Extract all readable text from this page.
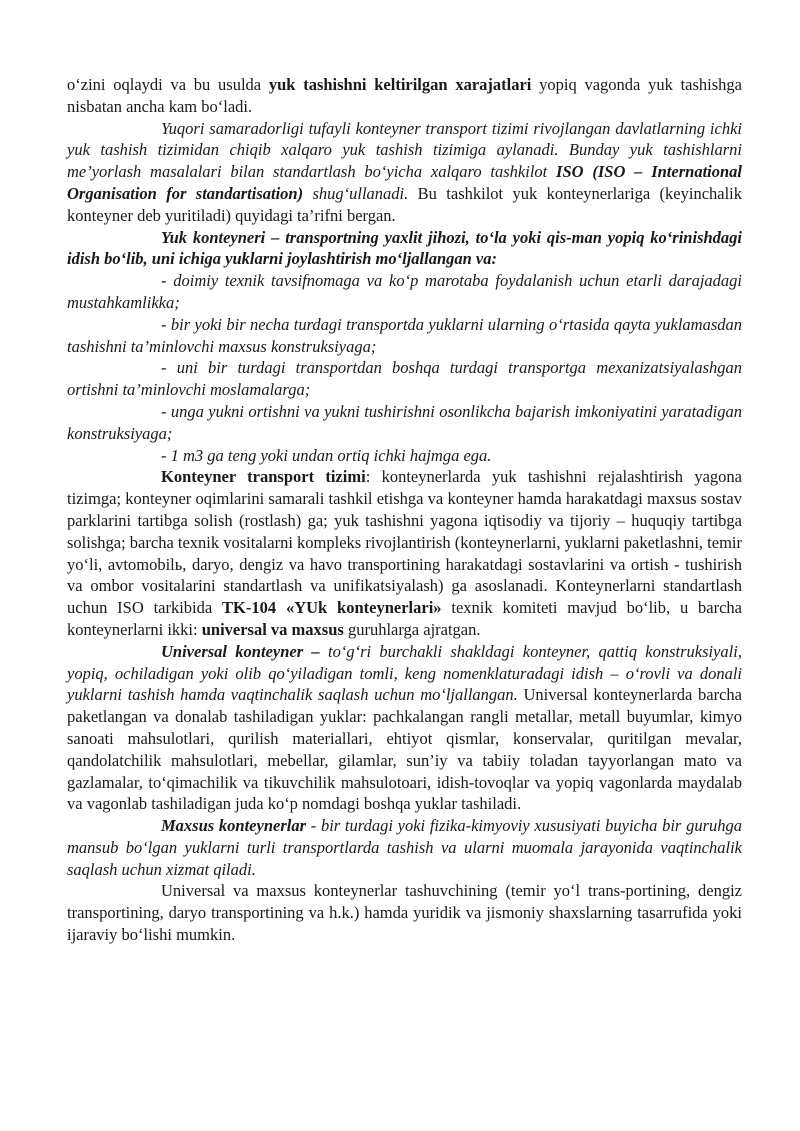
o‘zini oqlaydi va bu usulda yuk tashishni keltirilgan xarajatlari yopiq vagonda yuk tashishga nisbatan ancha kam bo‘ladi.

Yuqori samaradorligi tufayli konteyner transport tizimi rivojlangan davlatlarning ichki yuk tashish tizimidan chiqib xalqaro yuk tashish tizimiga aylanadi. Bunday yuk tashishlarni me’yorlash masalalari bilan standartlash bo‘yicha xalqaro tashkilot ISO (ISO – International Organisation for standartisation) shug‘ullanadi. Bu tashkilot yuk konteynerlariga (keyinchalik konteyner deb yuritiladi) quyidagi ta’rifni bergan.

Yuk konteyneri – transportning yaxlit jihozi, to‘la yoki qis-man yopiq ko‘rinishdagi idish bo‘lib, uni ichiga yuklarni joylashtirish mo‘ljallangan va:

- doimiy texnik tavsifnomaga va ko‘p marotaba foydalanish uchun etarli darajadagi mustahkamlikka;

- bir yoki bir necha turdagi transportda yuklarni ularning o‘rtasida qayta yuklamasdan tashishni ta’minlovchi maxsus konstruksiyaga;

- uni bir turdagi transportdan boshqa turdagi transportga mexanizatsiyalashgan ortishni ta’minlovchi moslamalarga;

- unga yukni ortishni va yukni tushirishni osonlikcha bajarish imkoniyatini yaratadigan konstruksiyaga;

- 1 m3 ga teng yoki undan ortiq ichki hajmga ega.

Konteyner transport tizimi: konteynerlarda yuk tashishni rejalashtirish yagona tizimga; konteyner oqimlarini samarali tashkil etishga va konteyner hamda harakatdagi maxsus sostav parklarini tartibga solish (rostlash) ga; yuk tashishni yagona iqtisodiy va tijoriy – huquqiy tartibga solishga; barcha texnik vositalarni kompleks rivojlantirish (konteynerlarni, yuklarni paketlashni, temir yo‘li, avtomobilь, daryo, dengiz va havo transportining harakatdagi sostavlarini va ortish - tushirish va ombor vositalarini standartlash va unifikatsiyalash) ga asoslanadi. Konteynerlarni standartlash uchun ISO tarkibida TK-104 «YUk konteynerlari» texnik komiteti mavjud bo‘lib, u barcha konteynerlarni ikki: universal va maxsus guruhlarga ajratgan.

Universal konteyner – to‘g‘ri burchakli shakldagi konteyner, qattiq konstruksiyali, yopiq, ochiladigan yoki olib qo‘yiladigan tomli, keng nomenklaturadagi idish – o‘rovli va donali yuklarni tashish hamda vaqtinchalik saqlash uchun mo‘ljallangan. Universal konteynerlarda barcha paketlangan va donalab tashiladigan yuklar: pachkalangan rangli metallar, metall buyumlar, kimyo sanoati mahsulotlari, qurilish materiallari, ehtiyot qismlar, konservalar, quritilgan mevalar, qandolatchilik mahsulotlari, mebellar, gilamlar, sun’iy va tabiiy toladan tayyorlangan mato va gazlamalar, to‘qimachilik va tikuvchilik mahsulotoari, idish-tovoqlar va yopiq vagonlarda maydalab va vagonlab tashiladigan juda ko‘p nomdagi boshqa yuklar tashiladi.

Maxsus konteynerlar - bir turdagi yoki fizika-kimyoviy xususiyati buyicha bir guruhga mansub bo‘lgan yuklarni turli transportlarda tashish va ularni muomala jarayonida vaqtinchalik saqlash uchun xizmat qiladi.

Universal va maxsus konteynerlar tashuvchining (temir yo‘l trans-portining, dengiz transportining, daryo transportining va h.k.) hamda yuridik va jismoniy shaxslarning tasarrufida yoki ijaraviy bo‘lishi mumkin.
